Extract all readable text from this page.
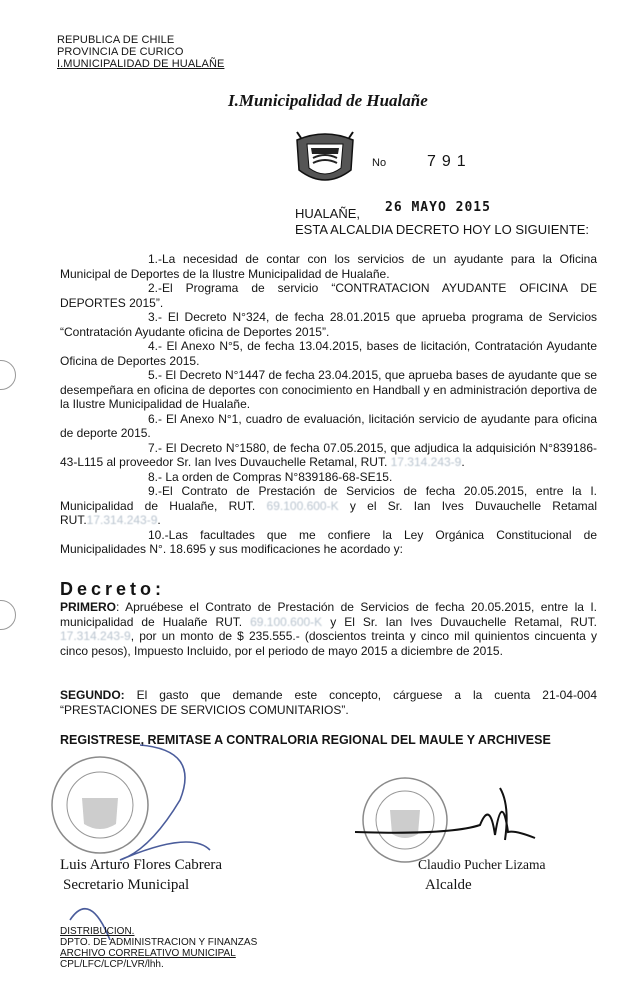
REPUBLICA DE CHILE
PROVINCIA DE CURICO
I.MUNICIPALIDAD DE HUALAÑE
I.Municipalidad de Hualañe
No	791
HUALAÑE, 26 MAYO 2015
ESTA ALCALDIA DECRETO HOY LO SIGUIENTE:

1.-La necesidad de contar con los servicios de un ayudante para la Oficina Municipal de Deportes de la Ilustre Municipalidad de Hualañe.

2.-El Programa de servicio “CONTRATACION AYUDANTE OFICINA DE DEPORTES 2015”.

3.- El Decreto N°324, de fecha 28.01.2015 que aprueba programa de Servicios “Contratación Ayudante oficina de Deportes 2015”.

4.- El Anexo N°5, de fecha 13.04.2015, bases de licitación, Contratación Ayudante Oficina de Deportes 2015.

5.- El Decreto N°1447 de fecha 23.04.2015, que aprueba bases de ayudante que se desempeñara en oficina de deportes con conocimiento en Handball y en administración deportiva de la Ilustre Municipalidad de Hualañe.

6.- El Anexo N°1, cuadro de evaluación, licitación servicio de ayudante para oficina de deporte 2015.

7.- El Decreto N°1580, de fecha 07.05.2015, que adjudica la adquisición N°839186-43-L115 al proveedor Sr. Ian Ives Duvauchelle Retamal, RUT. 17.314.243-9.

8.- La orden de Compras N°839186-68-SE15.

9.-El Contrato de Prestación de Servicios de fecha 20.05.2015, entre la I. Municipalidad de Hualañe, RUT. 69.100.600-K y el Sr. Ian Ives Duvauchelle Retamal RUT.17.314.243-9.

10.-Las facultades que me confiere la Ley Orgánica Constitucional de Municipalidades N°. 18.695 y sus modificaciones he acordado y:

Decreto:

PRIMERO: Apruébese el Contrato de Prestación de Servicios de fecha 20.05.2015, entre la I. municipalidad de Hualañe RUT. 69.100.600-K y El Sr. Ian Ives Duvauchelle Retamal, RUT. 17.314.243-9, por un monto de $ 235.555.- (doscientos treinta y cinco mil quinientos cincuenta y cinco pesos), Impuesto Incluido, por el periodo de mayo 2015 a diciembre de 2015.

SEGUNDO: El gasto que demande este concepto, cárguese a la cuenta 21-04-004 “PRESTACIONES DE SERVICIOS COMUNITARIOS”.

REGISTRESE, REMITASE A CONTRALORIA REGIONAL DEL MAULE Y ARCHIVESE
Luis Arturo Flores Cabrera
Secretario Municipal
Claudio Pucher Lizama
Alcalde
DISTRIBUCION.
DPTO. DE ADMINISTRACION Y FINANZAS
ARCHIVO CORRELATIVO MUNICIPAL
CPL/LFC/LCP/LVR/lhh.
